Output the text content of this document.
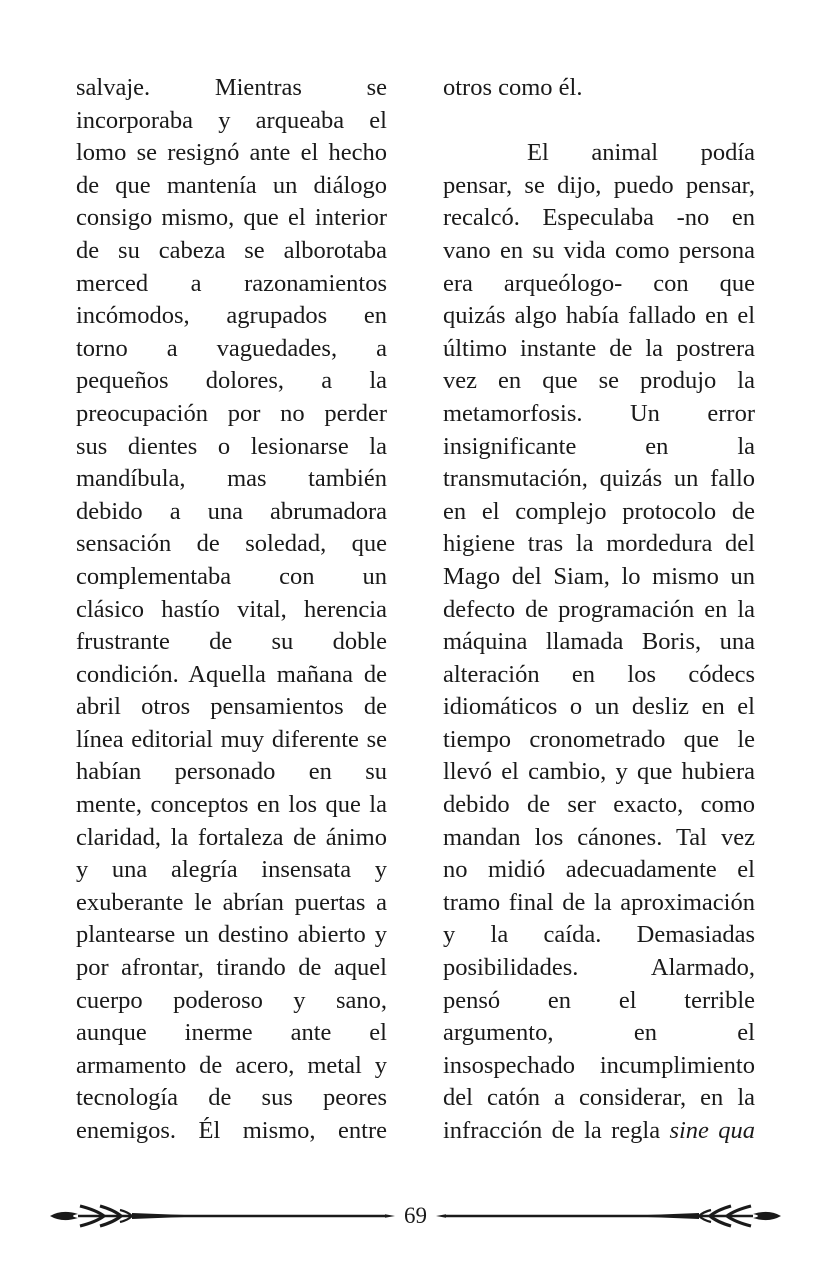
salvaje. Mientras se
incorporaba y arqueaba el
lomo se resignó ante el hecho
de que mantenía un diálogo
consigo mismo, que el interior
de su cabeza se alborotaba
merced a razonamientos
incómodos, agrupados en
torno a vaguedades, a
pequeños dolores, a la
preocupación por no perder
sus dientes o lesionarse la
mandíbula, mas también
debido a una abrumadora
sensación de soledad, que
complementaba con un
clásico hastío vital, herencia
frustrante de su doble
condición. Aquella mañana de
abril otros pensamientos de
línea editorial muy diferente se
habían personado en su
mente, conceptos en los que la
claridad, la fortaleza de ánimo
y una alegría insensata y
exuberante le abrían puertas a
plantearse un destino abierto y
por afrontar, tirando de aquel
cuerpo poderoso y sano,
aunque inerme ante el
armamento de acero, metal y
tecnología de sus peores
enemigos. Él mismo, entre
otros como él.
El animal podía
pensar, se dijo, puedo pensar,
recalcó. Especulaba -no en
vano en su vida como persona
era arqueólogo- con que
quizás algo había fallado en el
último instante de la postrera
vez en que se produjo la
metamorfosis. Un error
insignificante en la
transmutación, quizás un fallo
en el complejo protocolo de
higiene tras la mordedura del
Mago del Siam, lo mismo un
defecto de programación en la
máquina llamada Boris, una
alteración en los códecs
idiomáticos o un desliz en el
tiempo cronometrado que le
llevó el cambio, y que hubiera
debido de ser exacto, como
mandan los cánones. Tal vez
no midió adecuadamente el
tramo final de la aproximación
y la caída. Demasiadas
posibilidades. Alarmado,
pensó en el terrible
argumento, en el
insospechado incumplimiento
del catón a considerar, en la
infracción de la regla sine qua
69
